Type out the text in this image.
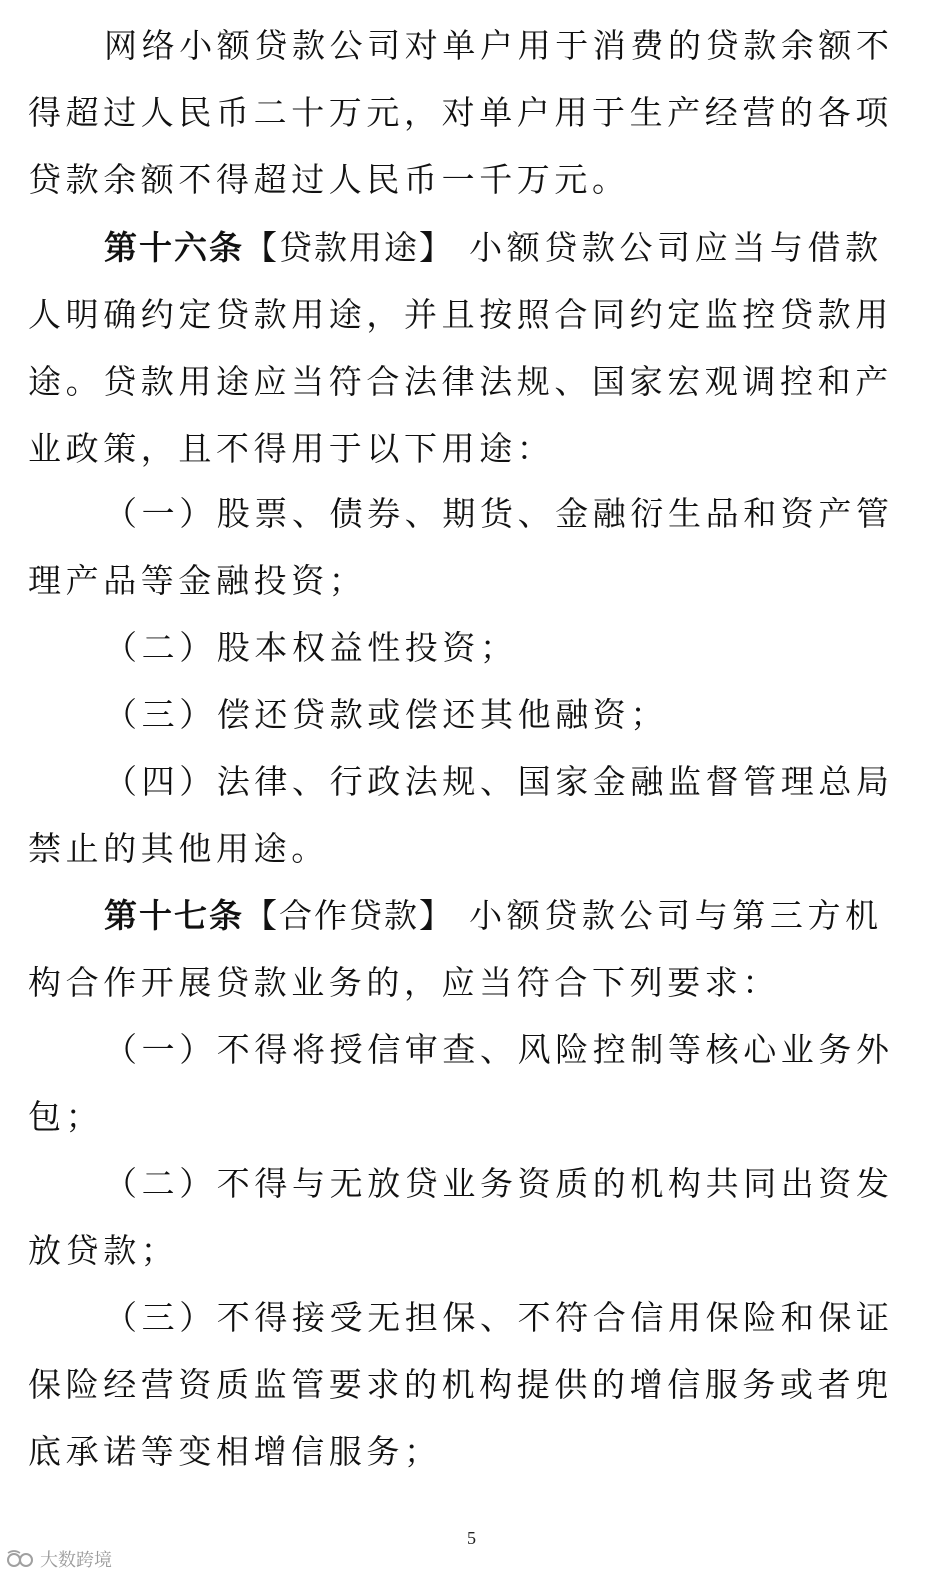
网络小额贷款公司对单户用于消费的贷款余额不得超过人民币二十万元，对单户用于生产经营的各项贷款余额不得超过人民币一千万元。

第十六条【贷款用途】 小额贷款公司应当与借款人明确约定贷款用途，并且按照合同约定监控贷款用途。贷款用途应当符合法律法规、国家宏观调控和产业政策，且不得用于以下用途：

（一）股票、债券、期货、金融衍生品和资产管理产品等金融投资；

（二）股本权益性投资；

（三）偿还贷款或偿还其他融资；

（四）法律、行政法规、国家金融监督管理总局禁止的其他用途。

第十七条【合作贷款】 小额贷款公司与第三方机构合作开展贷款业务的，应当符合下列要求：

（一）不得将授信审查、风险控制等核心业务外包；

（二）不得与无放贷业务资质的机构共同出资发放贷款；

（三）不得接受无担保、不符合信用保险和保证保险经营资质监管要求的机构提供的增信服务或者兜底承诺等变相增信服务；

5
大数跨境
